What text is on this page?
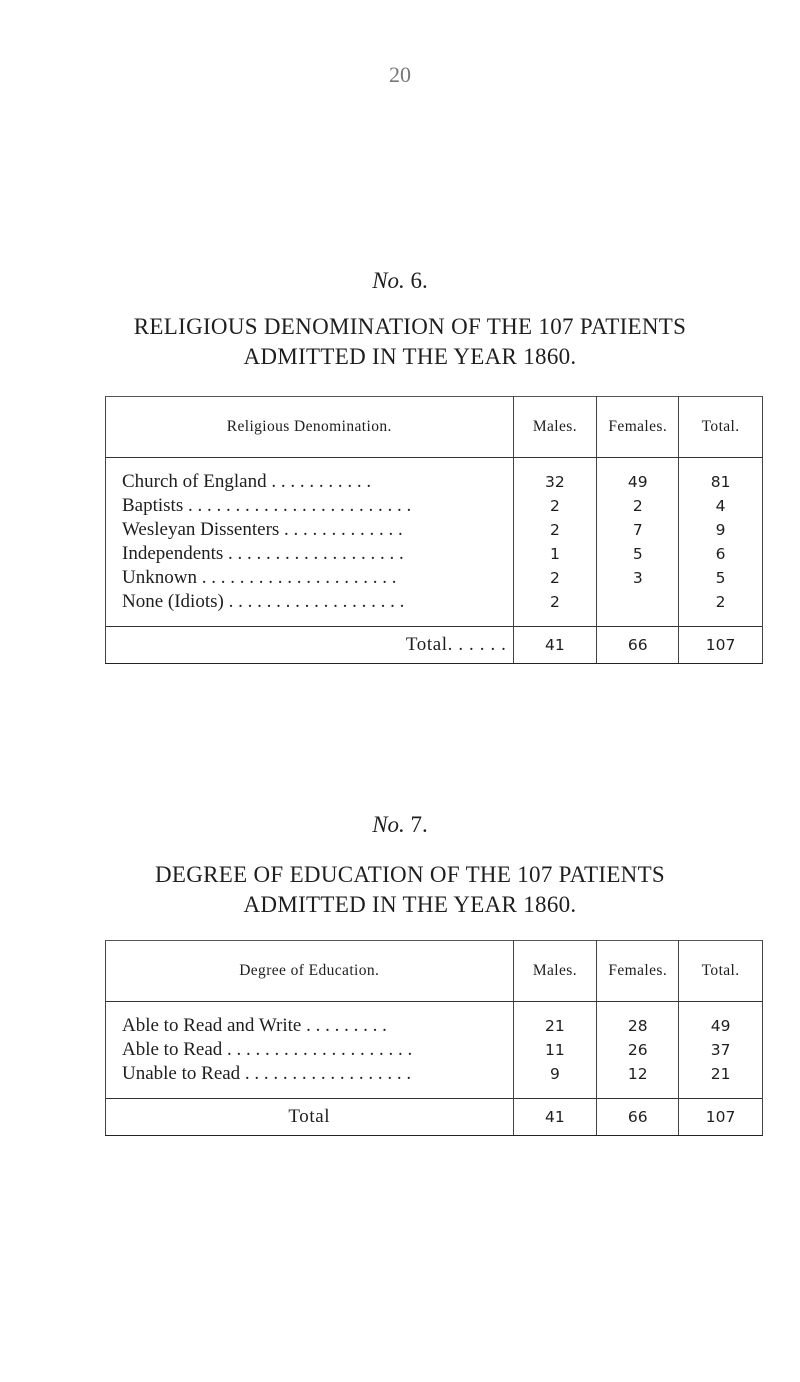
20
No. 6.
RELIGIOUS DENOMINATION OF THE 107 PATIENTS
ADMITTED IN THE YEAR 1860.
Religious Denomination.	Males.	Females.	Total.

Church of England . . . . . . . . . . .	32	49	81
Baptists . . . . . . . . . . . . . . . . . . . . . . . .	2	2	4
Wesleyan Dissenters . . . . . . . . . . . . .	2	7	9
Independents . . . . . . . . . . . . . . . . . . .	1	5	6
Unknown . . . . . . . . . . . . . . . . . . . . .	2	3	5
None (Idiots) . . . . . . . . . . . . . . . . . . .	2		2

Total. . . . . .	41	66	107
No. 7.
DEGREE OF EDUCATION OF THE 107 PATIENTS
ADMITTED IN THE YEAR 1860.
Degree of Education.	Males.	Females.	Total.

Able to Read and Write . . . . . . . . .	21	28	49
Able to Read . . . . . . . . . . . . . . . . . . . .	11	26	37
Unable to Read . . . . . . . . . . . . . . . . . .	9	12	21

Total	41	66	107
